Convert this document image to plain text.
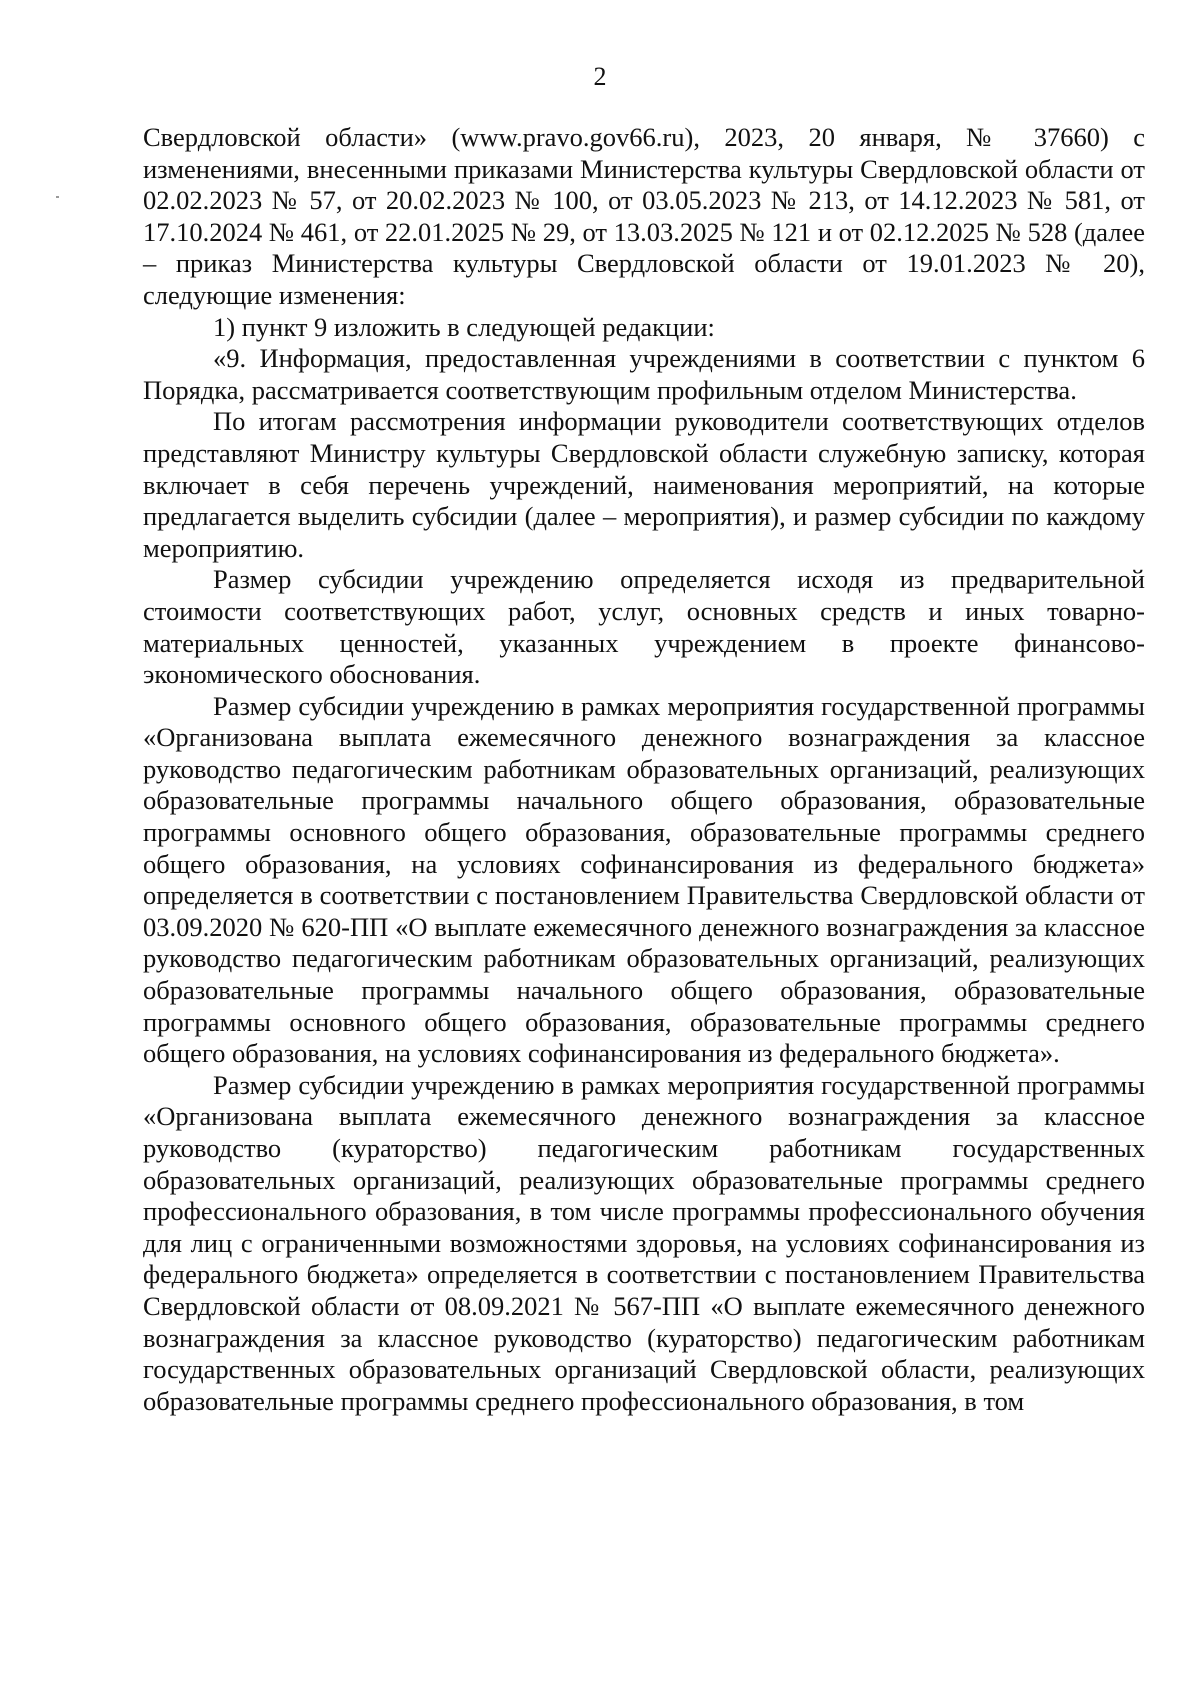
2

Свердловской области» (www.pravo.gov66.ru), 2023, 20 января, № 37660) с изменениями, внесенными приказами Министерства культуры Свердловской области от 02.02.2023 № 57, от 20.02.2023 № 100, от 03.05.2023 № 213, от 14.12.2023 № 581, от 17.10.2024 № 461, от 22.01.2025 № 29, от 13.03.2025 № 121 и от 02.12.2025 № 528 (далее – приказ Министерства культуры Свердловской области от 19.01.2023 № 20), следующие изменения:

1) пункт 9 изложить в следующей редакции:

«9. Информация, предоставленная учреждениями в соответствии с пунктом 6 Порядка, рассматривается соответствующим профильным отделом Министерства.

По итогам рассмотрения информации руководители соответствующих отделов представляют Министру культуры Свердловской области служебную записку, которая включает в себя перечень учреждений, наименования мероприятий, на которые предлагается выделить субсидии (далее – мероприятия), и размер субсидии по каждому мероприятию.

Размер субсидии учреждению определяется исходя из предварительной стоимости соответствующих работ, услуг, основных средств и иных товарно-материальных ценностей, указанных учреждением в проекте финансово-экономического обоснования.

Размер субсидии учреждению в рамках мероприятия государственной программы «Организована выплата ежемесячного денежного вознаграждения за классное руководство педагогическим работникам образовательных организаций, реализующих образовательные программы начального общего образования, образовательные программы основного общего образования, образовательные программы среднего общего образования, на условиях софинансирования из федерального бюджета» определяется в соответствии с постановлением Правительства Свердловской области от 03.09.2020 № 620-ПП «О выплате ежемесячного денежного вознаграждения за классное руководство педагогическим работникам образовательных организаций, реализующих образовательные программы начального общего образования, образовательные программы основного общего образования, образовательные программы среднего общего образования, на условиях софинансирования из федерального бюджета».

Размер субсидии учреждению в рамках мероприятия государственной программы «Организована выплата ежемесячного денежного вознаграждения за классное руководство (кураторство) педагогическим работникам государственных образовательных организаций, реализующих образовательные программы среднего профессионального образования, в том числе программы профессионального обучения для лиц с ограниченными возможностями здоровья, на условиях софинансирования из федерального бюджета» определяется в соответствии с постановлением Правительства Свердловской области от 08.09.2021 № 567-ПП «О выплате ежемесячного денежного вознаграждения за классное руководство (кураторство) педагогическим работникам государственных образовательных организаций Свердловской области, реализующих образовательные программы среднего профессионального образования, в том
